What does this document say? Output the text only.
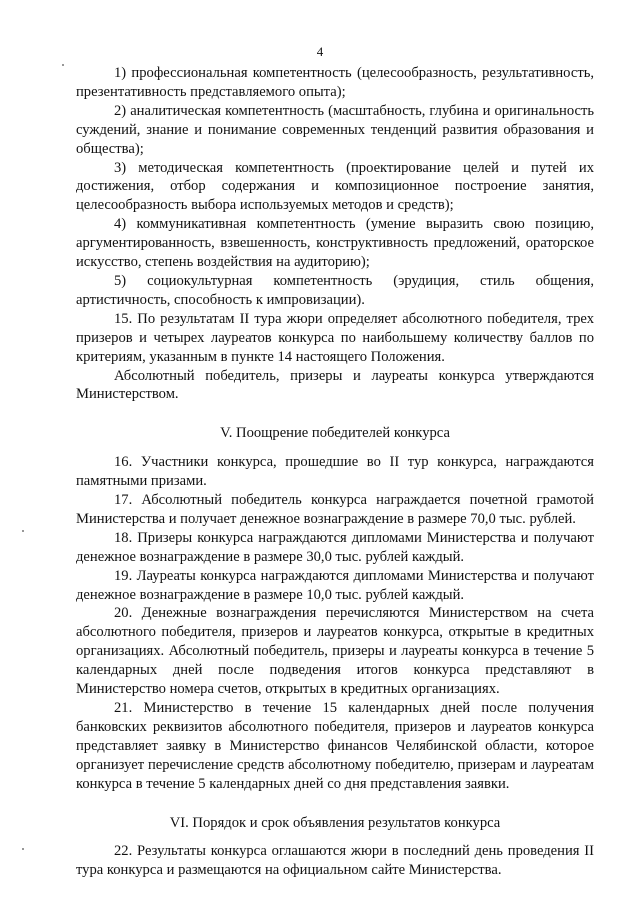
4

1) профессиональная компетентность (целесообразность, результативность, презентативность представляемого опыта);

2) аналитическая компетентность (масштабность, глубина и оригинальность суждений, знание и понимание современных тенденций развития образования и общества);

3) методическая компетентность (проектирование целей и путей их достижения, отбор содержания и композиционное построение занятия, целесообразность выбора используемых методов и средств);

4) коммуникативная компетентность (умение выразить свою позицию, аргументированность, взвешенность, конструктивность предложений, ораторское искусство, степень воздействия на аудиторию);

5) социокультурная компетентность (эрудиция, стиль общения, артистичность, способность к импровизации).

15. По результатам II тура жюри определяет абсолютного победителя, трех призеров и четырех лауреатов конкурса по наибольшему количеству баллов по критериям, указанным в пункте 14 настоящего Положения.

Абсолютный победитель, призеры и лауреаты конкурса утверждаются Министерством.

V. Поощрение победителей конкурса

16. Участники конкурса, прошедшие во II тур конкурса, награждаются памятными призами.

17. Абсолютный победитель конкурса награждается почетной грамотой Министерства и получает денежное вознаграждение в размере 70,0 тыс. рублей.

18. Призеры конкурса награждаются дипломами Министерства и получают денежное вознаграждение в размере 30,0 тыс. рублей каждый.

19. Лауреаты конкурса награждаются дипломами Министерства и получают денежное вознаграждение в размере 10,0 тыс. рублей каждый.

20. Денежные вознаграждения перечисляются Министерством на счета абсолютного победителя, призеров и лауреатов конкурса, открытые в кредитных организациях. Абсолютный победитель, призеры и лауреаты конкурса в течение 5 календарных дней после подведения итогов конкурса представляют в Министерство номера счетов, открытых в кредитных организациях.

21. Министерство в течение 15 календарных дней после получения банковских реквизитов абсолютного победителя, призеров и лауреатов конкурса представляет заявку в Министерство финансов Челябинской области, которое организует перечисление средств абсолютному победителю, призерам и лауреатам конкурса в течение 5 календарных дней со дня представления заявки.

VI. Порядок и срок объявления результатов конкурса

22. Результаты конкурса оглашаются жюри в последний день проведения II тура конкурса и размещаются на официальном сайте Министерства.
